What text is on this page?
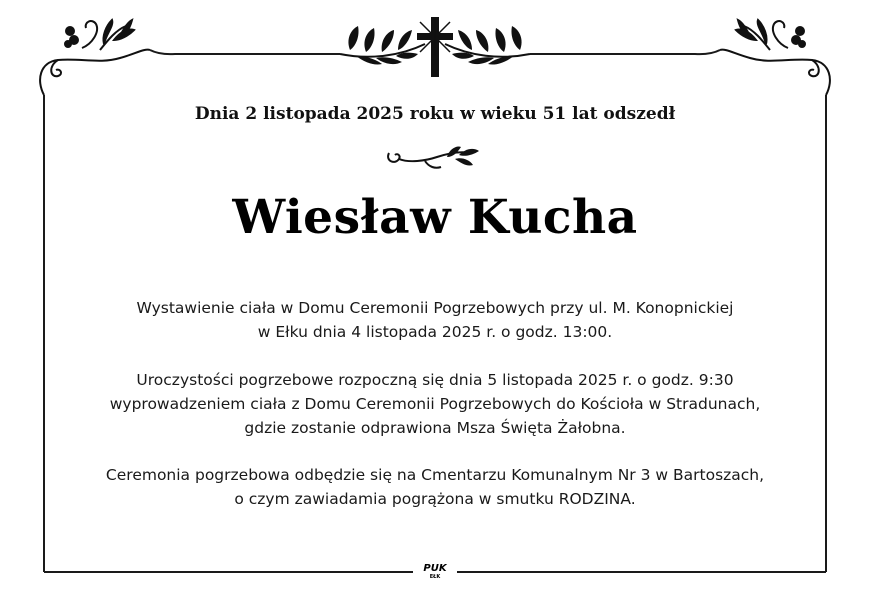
Dnia 2 listopada 2025 roku w wieku 51 lat odszedł
Wiesław Kucha
Wystawienie ciała w Domu Ceremonii Pogrzebowych przy ul. M. Konopnickiej
w Ełku dnia 4 listopada 2025 r. o godz. 13:00.
Uroczystości pogrzebowe rozpoczną się dnia 5 listopada 2025 r. o godz. 9:30
wyprowadzeniem ciała z Domu Ceremonii Pogrzebowych do Kościoła w Stradunach,
gdzie zostanie odprawiona Msza Święta Żałobna.
Ceremonia pogrzebowa odbędzie się na Cmentarzu Komunalnym Nr 3 w Bartoszach,
o czym zawiadamia pogrążona w smutku RODZINA.
PUK
EŁK
